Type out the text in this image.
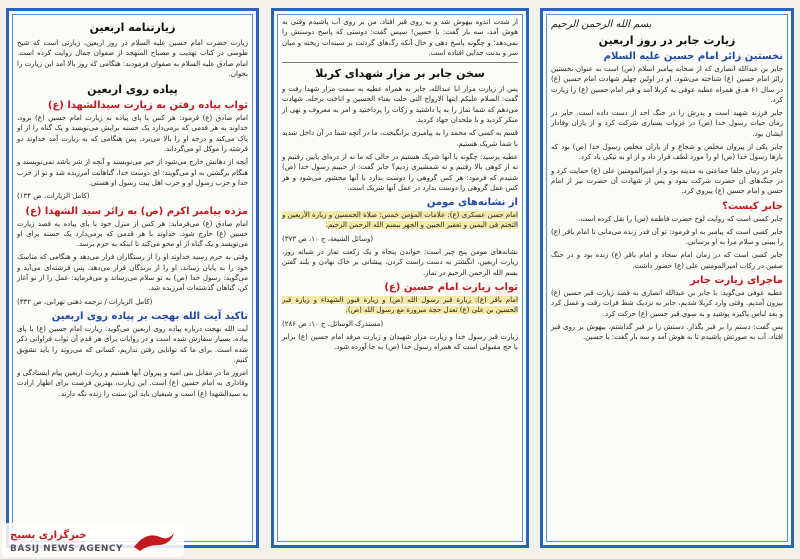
زیارتنامه اربعین
زیارت حضرت امام حسین علیه السلام در روز اربعین، زیارتی است که شیخ طوسی در کتاب تهذیب و مصباح المتهجد از صفوان جمال روایت کرده است. امام صادق علیه السلام به صفوان فرمودند: هنگامی که روز بالا آمد این زیارت را بخوان.
پیاده روی اربعین
ثواب پیاده رفتن به زیارت سیدالشهدا (ع)
امام صادق (ع) فرمود: هر کس با پای پیاده به زیارت امام حسین (ع) برود، خداوند به هر قدمی که برمی‌دارد یک حسنه برایش می‌نویسد و یک گناه را از او پاک می‌کند و درجه او را بالا می‌برد. پس هنگامی که به زیارت آمد خداوند دو فرشته را موکل او می‌گرداند.
آنچه از دهانش خارج می‌شود از خیر می‌نویسند و آنچه از شر باشد نمی‌نویسند و هنگام برگشتن به او می‌گویند: ای دوست خدا، گناهانت آمرزیده شد و تو از حزب خدا و حزب رسول او و حزب اهل بیت رسول او هستی.
(کامل الزیارات، ص ۱۳۴)
مژده پیامبر اکرم (ص) به زائر سید الشهدا (ع)
امام صادق (ع) می‌فرماید: هر کس از منزل خود با پای پیاده به قصد زیارت حسین (ع) خارج شود، خداوند با هر قدمی که برمی‌دارد یک حسنه برای او می‌نویسد و یک گناه از او محو می‌کند تا اینکه به حرم برسد.
وقتی به حرم رسید خداوند او را از رستگاران قرار می‌دهد و هنگامی که مناسک خود را به پایان رساند، او را از برندگان قرار می‌دهد. پس فرشته‌ای می‌آید و می‌گوید: رسول خدا (ص) به تو سلام می‌رساند و می‌فرماید: عمل را از نو آغاز کن، گناهان گذشته‌ات آمرزیده شد.
(کامل الزیارات / ترجمه ذهنی تهرانی، ص ۳۳۲)
تاکید آیت الله بهجت بر پیاده روی اربعین
آیت الله بهجت درباره پیاده روی اربعین می‌گوید: زیارت امام حسین (ع) با پای پیاده، بسیار سفارش شده است و در روایات برای هر قدم آن ثواب فراوانی ذکر شده است. برای ما که توانایی رفتن نداریم، کسانی که می‌روند را باید تشویق کنیم.
امروز ما در مقابل بنی امیه و پیروان آنها هستیم و زیارت اربعین پیام ایستادگی و وفاداری به امام حسین (ع) است. این زیارت، بهترین فرصت برای اظهار ارادت به سیدالشهدا (ع) است و شیعیان باید این سنت را زنده نگه دارند.
از شدت اندوه بیهوش شد و به روی قبر افتاد. من بر روی آب پاشیدم وقتی به هوش آمد، سه بار گفت: یا حسین! سپس گفت: دوستی که پاسخ دوستش را نمی‌دهد؛ و چگونه پاسخ دهی و حال آنکه رگ‌های گردنت بر سینه‌ات ریخته و میان سر و بدنت جدایی افتاده است.
سخن جابر بر مزار شهدای کربلا
پس از زیارت مزار ابا عبدالله، جابر به همراه عطیه به سمت مزار شهدا رفت و گفت: السلام علیکم ایتها الارواح التی حلت بفناء الحسین و اناخت برحله. شهادت می‌دهم که شما نماز را به پا داشتید و زکات را پرداختید و امر به معروف و نهی از منکر کردید و با ملحدان جهاد کردید.
قسم به کسی که محمد را به پیامبری برانگیخت، ما در آنچه شما در آن داخل شدید با شما شریک هستیم.
عطیه پرسید: چگونه با آنها شریک هستیم در حالی که ما نه از دره‌ای پایین رفتیم و نه از کوهی بالا رفتیم و نه شمشیری زدیم؟ جابر گفت: از حبیبم رسول خدا (ص) شنیدم که فرمود: هر کس گروهی را دوست بدارد با آنها محشور می‌شود و هر کس عمل گروهی را دوست بدارد در عمل آنها شریک است.
از نشانه‌های مومن
امام حسن عسکری (ع): علامات المؤمن خمس: صلاة الخمسین و زیارة الأربعین و التختم فی الیمین و تعفیر الجبین و الجهر ببسم الله الرحمن الرحیم.
(وسائل الشیعة، ج ۱۰، ص ۳۷۳)
نشانه‌های مومن پنج چیز است: خواندن پنجاه و یک رکعت نماز در شبانه روز، زیارت اربعین، انگشتر به دست راست کردن، پیشانی بر خاک نهادن و بلند گفتن بسم الله الرحمن الرحیم در نماز.
ثواب زیارت امام حسین (ع)
امام باقر (ع): زیارة قبر رسول الله (ص) و زیارة قبور الشهداء و زیارة قبر الحسین بن علی (ع) تعدل حجة مبرورة مع رسول الله (ص).
(مستدرک الوسائل، ج ۱۰، ص ۲۸۶)
زیارت قبر رسول خدا و زیارت مزار شهیدان و زیارت مرقد امام حسین (ع) برابر با حج مقبولی است که همراه رسول خدا (ص) به جا آورده شود.
بسم الله الرحمن الرحیم
زیارت جابر در روز اربعین
نخستین زائر امام حسین علیه السلام
جابر بن عبدالله انصاری که از صحابه پیامبر اسلام (ص) است به عنوان نخستین زائر امام حسین (ع) شناخته می‌شود. او در اولین چهلم شهادت امام حسین (ع) در سال ۶۱ هـ.ق همراه عطیه عوفی به کربلا آمد و قبر امام حسین (ع) را زیارت کرد.
جابر فرزند شهید است و پدرش را در جنگ احد از دست داده است. جابر در زمان حیات رسول خدا (ص) در غزوات بسیاری شرکت کرد و از یاران وفادار ایشان بود.
جابر یکی از پیروان مخلص و شجاع و از یاران مخلص رسول خدا (ص) بود که بارها رسول خدا (ص) او را مورد لطف قرار داد و از او به نیکی یاد کرد.
جابر در زمان خلفا جماعتی به مدینه بود و از امیرالمومنین علی (ع) حمایت کرد و در جنگ‌های آن حضرت شرکت نمود و پس از شهادت آن حضرت نیز از امام حسن و امام حسین (ع) پیروی کرد.
جابر کیست؟
جابر کسی است که روایت لوح حضرت فاطمه (س) را نقل کرده است.
جابر کسی است که پیامبر به او فرمود: تو آن قدر زنده می‌مانی تا امام باقر (ع) را ببینی و سلام مرا به او برسانی.
جابر کسی است که در زمان امام سجاد و امام باقر (ع) زنده بود و در جنگ صفین در رکاب امیرالمومنین علی (ع) حضور داشت.
ماجرای زیارت جابر
عطیه عوفی می‌گوید: با جابر بن عبدالله انصاری به قصد زیارت قبر حسین (ع) بیرون آمدیم. وقتی وارد کربلا شدیم، جابر به نزدیک شط فرات رفت و غسل کرد و بعد لباس پاکیزه پوشید و به سوی قبر حسین (ع) حرکت کرد.
پس گفت: دستم را بر قبر بگذار. دستش را بر قبر گذاشتم، بیهوش بر روی قبر افتاد. آب به صورتش پاشیدم تا به هوش آمد و سه بار گفت: یا حسین.
خبرگزاری بسیج
BASIJ NEWS AGENCY
